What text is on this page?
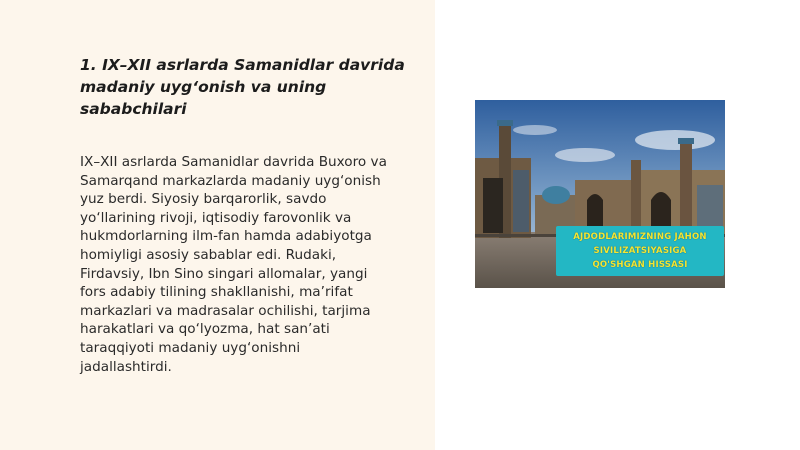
1. IX–XII asrlarda Samanidlar davrida
madaniy uyg‘onish va uning
sababchilari

IX–XII asrlarda Samanidlar davrida Buxoro va
Samarqand markazlarda madaniy uyg‘onish
yuz berdi. Siyosiy barqarorlik, savdo
yo‘llarining rivoji, iqtisodiy farovonlik va
hukmdorlarning ilm-fan hamda adabiyotga
homiyligi asosiy sabablar edi. Rudaki,
Firdavsiy, Ibn Sino singari allomalar, yangi
fors adabiy tilining shakllanishi, ma’rifat
markazlari va madrasalar ochilishi, tarjima
harakatlari va qo‘lyozma, hat san’ati
taraqqiyoti madaniy uyg‘onishni
jadallashtirdi.

AJDODLARIMIZNING JAHON
SIVILIZATSIYASIGA
QO'SHGAN HISSASI
